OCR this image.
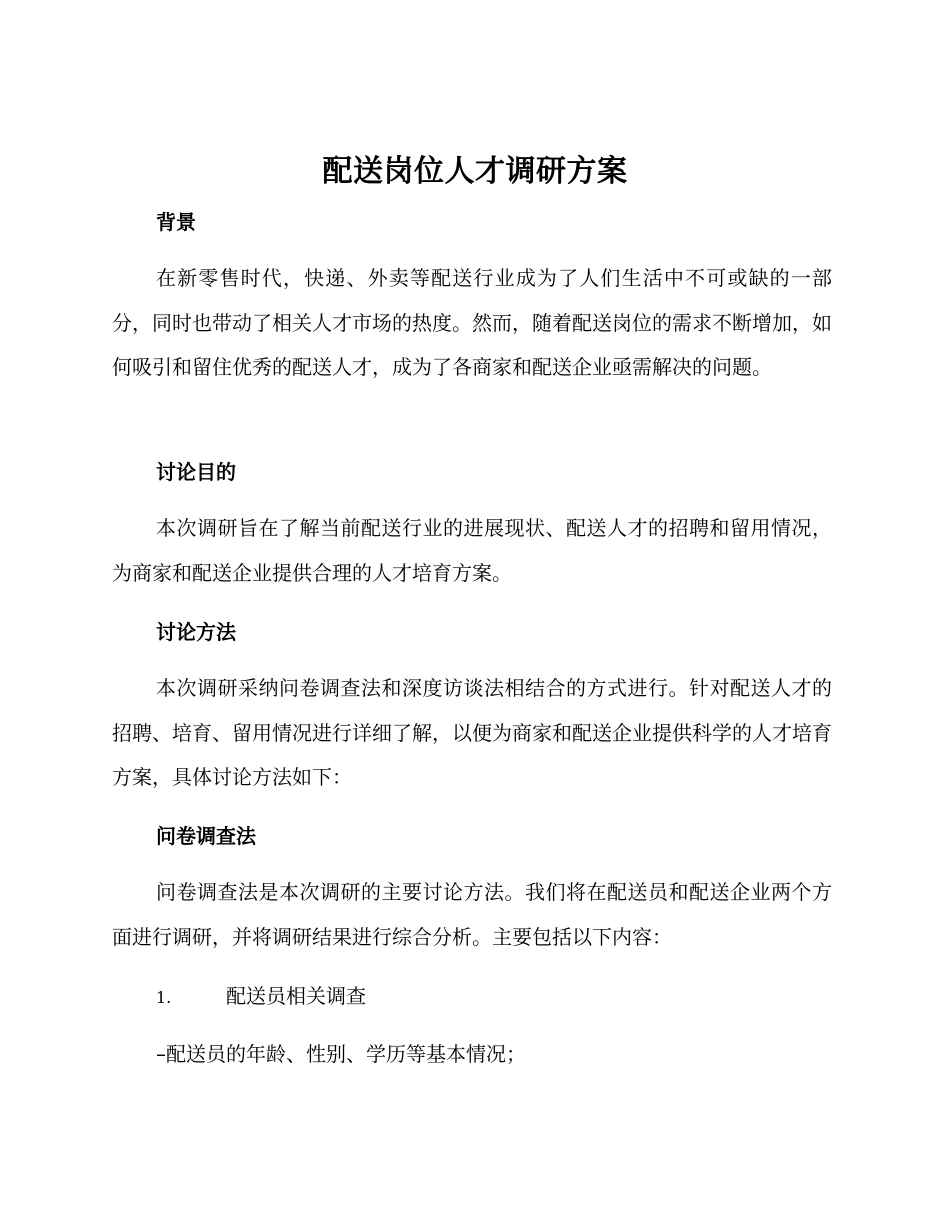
配送岗位人才调研方案
背景

在新零售时代，快递、外卖等配送行业成为了人们生活中不可或缺的一部分，同时也带动了相关人才市场的热度。然而，随着配送岗位的需求不断增加，如何吸引和留住优秀的配送人才，成为了各商家和配送企业亟需解决的问题。

讨论目的

本次调研旨在了解当前配送行业的进展现状、配送人才的招聘和留用情况，为商家和配送企业提供合理的人才培育方案。

讨论方法

本次调研采纳问卷调查法和深度访谈法相结合的方式进行。针对配送人才的招聘、培育、留用情况进行详细了解，以便为商家和配送企业提供科学的人才培育方案，具体讨论方法如下：

问卷调查法

问卷调查法是本次调研的主要讨论方法。我们将在配送员和配送企业两个方面进行调研，并将调研结果进行综合分析。主要包括以下内容：

1.	配送员相关调查
–配送员的年龄、性别、学历等基本情况；
